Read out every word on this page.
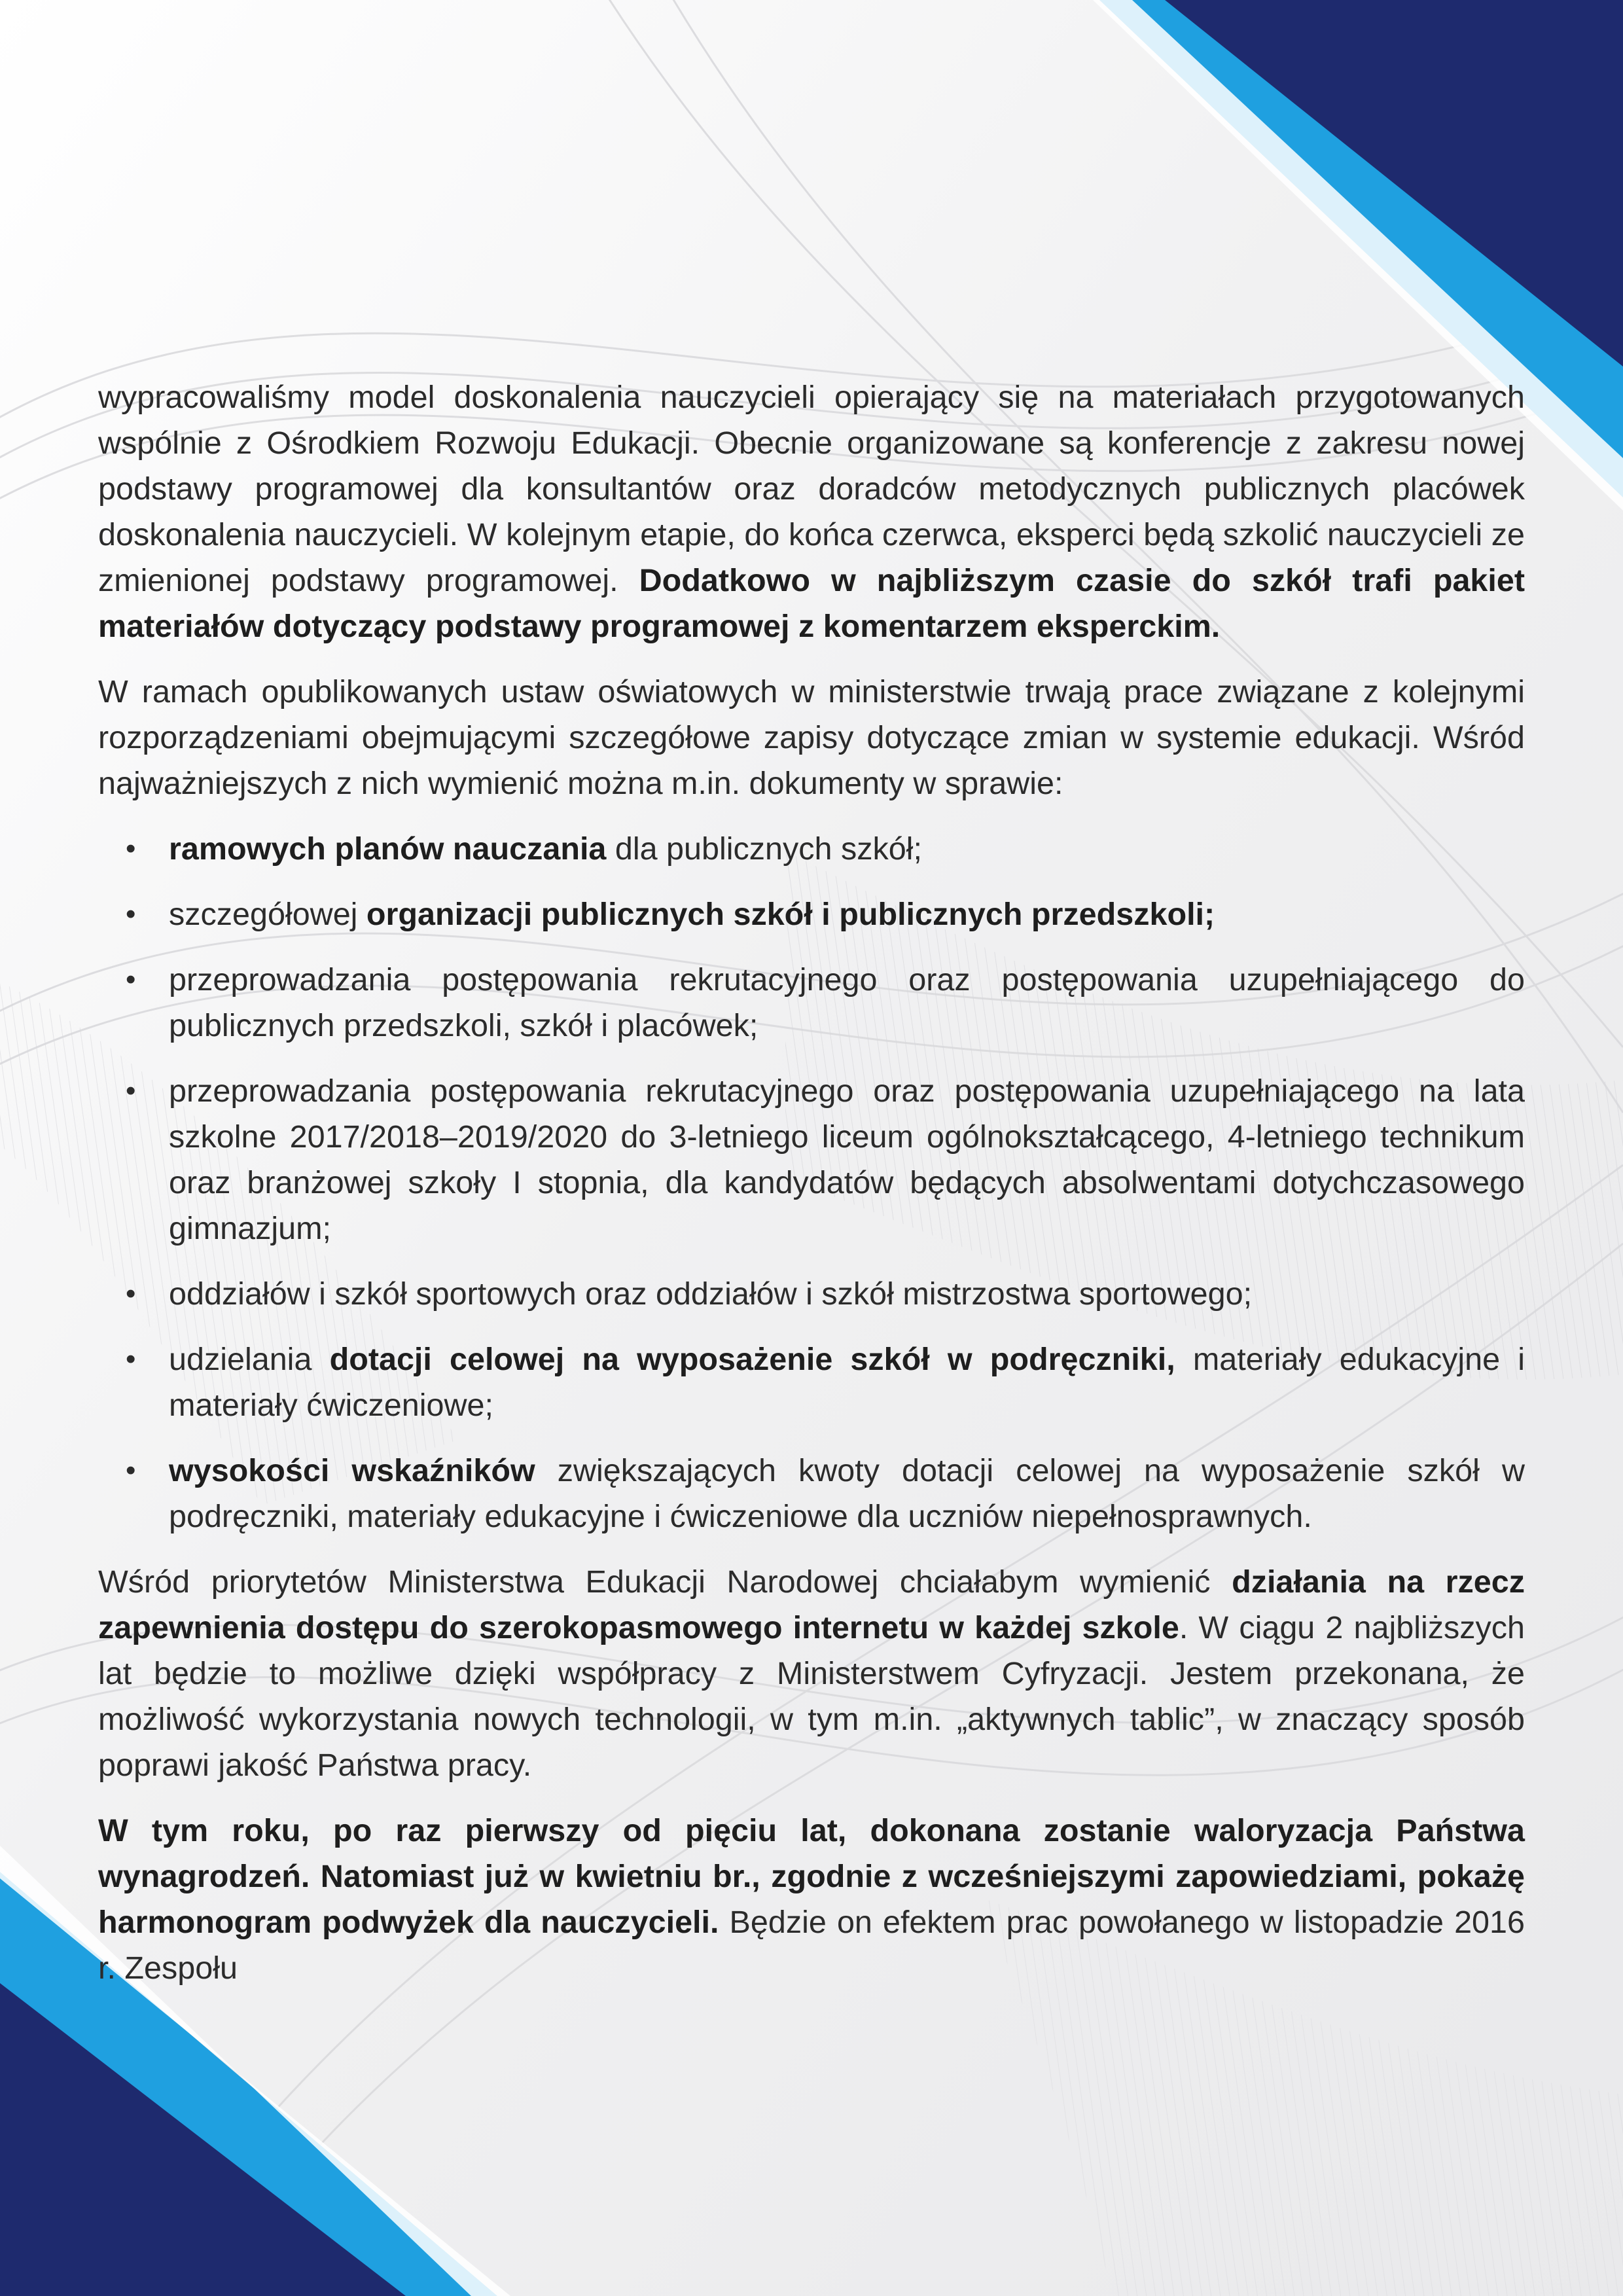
wypracowaliśmy model doskonalenia nauczycieli opierający się na materiałach przygotowanych wspólnie z Ośrodkiem Rozwoju Edukacji. Obecnie organizowane są konferencje z zakresu nowej podstawy programowej dla konsultantów oraz doradców metodycznych publicznych placówek doskonalenia nauczycieli. W kolejnym etapie, do końca czerwca, eksperci będą szkolić nauczycieli ze zmienionej podstawy programowej. Dodatkowo w najbliższym czasie do szkół trafi pakiet materiałów dotyczący podstawy programowej z komentarzem eksperckim.

W ramach opublikowanych ustaw oświatowych w ministerstwie trwają prace związane z kolejnymi rozporządzeniami obejmującymi szczegółowe zapisy dotyczące zmian w systemie edukacji. Wśród najważniejszych z nich wymienić można m.in. dokumenty w sprawie:

• ramowych planów nauczania dla publicznych szkół;
• szczegółowej organizacji publicznych szkół i publicznych przedszkoli;
• przeprowadzania postępowania rekrutacyjnego oraz postępowania uzupełniającego do publicznych przedszkoli, szkół i placówek;
• przeprowadzania postępowania rekrutacyjnego oraz postępowania uzupełniającego na lata szkolne 2017/2018–2019/2020 do 3-letniego liceum ogólnokształcącego, 4-letniego technikum oraz branżowej szkoły I stopnia, dla kandydatów będących absolwentami dotychczasowego gimnazjum;
• oddziałów i szkół sportowych oraz oddziałów i szkół mistrzostwa sportowego;
• udzielania dotacji celowej na wyposażenie szkół w podręczniki, materiały edukacyjne i materiały ćwiczeniowe;
• wysokości wskaźników zwiększających kwoty dotacji celowej na wyposażenie szkół w podręczniki, materiały edukacyjne i ćwiczeniowe dla uczniów niepełnosprawnych.

Wśród priorytetów Ministerstwa Edukacji Narodowej chciałabym wymienić działania na rzecz zapewnienia dostępu do szerokopasmowego internetu w każdej szkole. W ciągu 2 najbliższych lat będzie to możliwe dzięki współpracy z Ministerstwem Cyfryzacji. Jestem przekonana, że możliwość wykorzystania nowych technologii, w tym m.in. „aktywnych tablic”, w znaczący sposób poprawi jakość Państwa pracy.

W tym roku, po raz pierwszy od pięciu lat, dokonana zostanie waloryzacja Państwa wynagrodzeń. Natomiast już w kwietniu br., zgodnie z wcześniejszymi zapowiedziami, pokażę harmonogram podwyżek dla nauczycieli. Będzie on efektem prac powołanego w listopadzie 2016 r. Zespołu
